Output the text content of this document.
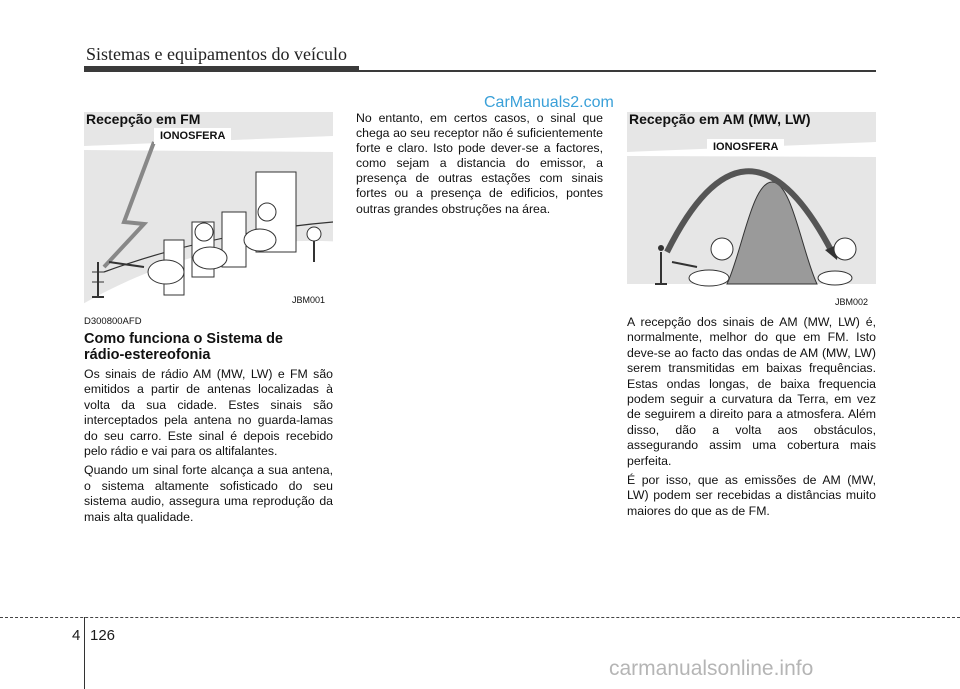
Sistemas e equipamentos do veículo
CarManuals2.com
Recepção em FM
IONOSFERA
JBM001
D300800AFD
Como funciona o Sistema de
rádio-estereofonia

Os sinais de rádio AM (MW, LW) e FM são emitidos a partir de antenas localizadas à volta da sua cidade. Estes sinais são interceptados pela antena no guarda-lamas do seu carro. Este sinal é depois recebido pelo rádio e vai para os altifalantes.

Quando um sinal forte alcança a sua antena, o sistema altamente sofisticado do seu sistema audio, assegura uma reprodução da mais alta qualidade.

No entanto, em certos casos, o sinal que chega ao seu receptor não é suficientemente forte e claro. Isto pode dever-se a factores, como sejam a distancia do emissor, a presença de outras estações com sinais fortes ou a presença de edificios, pontes outras grandes obstruções na área.

Recepção em AM (MW, LW)
IONOSFERA
JBM002

A recepção dos sinais de AM (MW, LW) é, normalmente, melhor do que em FM. Isto deve-se ao facto das ondas de AM (MW, LW) serem transmitidas em baixas frequências. Estas ondas longas, de baixa frequencia podem seguir a curvatura da Terra, em vez de seguirem a direito para a atmosfera. Além disso, dão a volta aos obstáculos, assegurando assim uma cobertura mais perfeita.

É por isso, que as emissões de AM (MW, LW) podem ser recebidas a distâncias muito maiores do que as de FM.

4 126
carmanualsonline.info
